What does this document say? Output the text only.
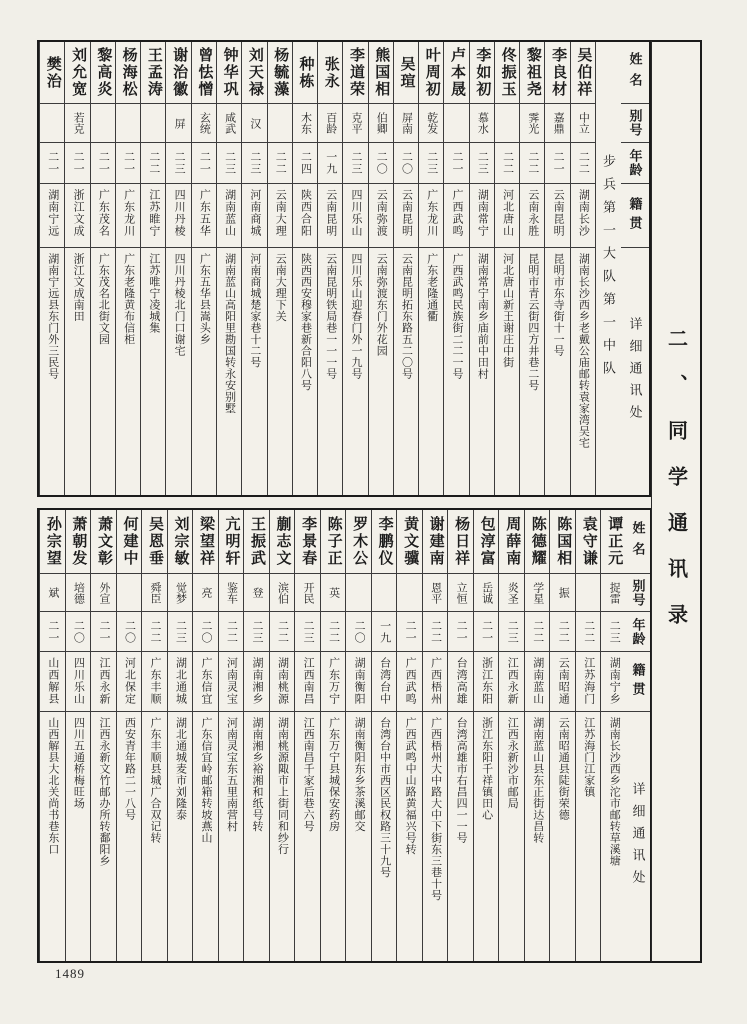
姓名
别号
年龄
籍贯
详细通讯处
步兵第一大队第一中队
吴伯祥
中立
二二
湖南长沙
湖南长沙西乡老戴公庙邮转袁家湾吴宅
李良材
嘉鼎
二一
云南昆明
昆明市东寺街十一号
黎祖尧
霁光
二二
云南永胜
昆明市青云街四方井巷二号
佟振玉
二二
河北唐山
河北唐山新王谢庄中街
李如初
慕水
二三
湖南常宁
湖南常宁南乡庙前中田村
卢本晟
二一
广西武鸣
广西武鸣民族街二二一号
叶周初
乾发
二三
广东龙川
广东老隆通衢
吴瑄
屏南
二〇
云南昆明
云南昆明拓东路五二〇号
熊国相
伯卿
二〇
云南弥渡
云南弥渡东门外花园
李道荣
克平
二三
四川乐山
四川乐山迎春门外一九号
张永
百龄
一九
云南昆明
云南昆明铁局巷一一一号
种栋
木东
二四
陕西合阳
陕西西安穆家巷新合阳八号
杨毓藻
二二
云南大理
云南大理下关
刘天禄
汉
二三
河南商城
河南商城楚家巷十二号
钟华巩
咸武
二三
湖南蓝山
湖南蓝山高阳里勘国转永安别墅
曾怯憎
玄统
二一
广东五华
广东五华县嵩头乡
谢治徽
屏
二三
四川丹棱
四川丹棱北门口谢宅
王孟涛
二二
江苏睢宁
江苏唯宁凌城集
杨海松
二一
广东龙川
广东老隆黄布信柜
黎高炎
二一
广东茂名
广东茂名北街文园
刘允宽
若克
二一
浙江文成
浙江文成南田
樊治
二一
湖南宁远
湖南宁远县东门外三民号
姓名
别号
年龄
籍贯
详细通讯处
谭正元
捉雷
二三
湖南宁乡
湖南长沙西乡沱市邮转草溪塘
袁守谦
二二
江苏海门
江苏海门江家镇
陈国相
振
二二
云南昭通
云南昭通县陡街荣德
陈德耀
学星
二二
湖南蓝山
湖南蓝山县东正街达昌转
周薛南
炎圣
二三
江西永新
江西永新沙市邮局
包淳富
岳诚
二一
浙江东阳
浙江东阳千祥镇田心
杨日祥
立恒
二一
台湾高雄
台湾高雄市右昌四一一号
谢建南
恩平
二二
广西梧州
广西梧州大中路大中下街东三巷十号
黄文骥
二一
广西武鸣
广西武鸣中山路黄福兴号转
李鹏仪
一九
台湾台中
台湾台中市西区民权路三十九号
罗木公
二〇
湖南衡阳
湖南衡阳东乡茶溪邮交
陈子正
英
二二
广东万宁
广东万宁县城保安药房
李景春
开民
二三
江西南昌
江西南昌千家后巷六号
蒯志文
滨伯
二二
湖南桃源
湖南桃源陬市上街同和纱行
王振武
登
二三
湖南湘乡
湖南湘乡裕湘和纸号转
亢明轩
鉴车
二二
河南灵宝
河南灵宝东五里南营村
梁望祥
亮
二〇
广东信宜
广东信宜岭邮箱转坡燕山
刘宗敏
觉梦
二三
湖北通城
湖北通城麦市刘隆泰
吴恩垂
舜臣
二二
广东丰顺
广东丰顺县城广合双记转
何建中
二〇
河北保定
西安青年路二一八号
萧文彰
外宣
二一
江西永新
江西永新文竹邮办所转鄱阳乡
萧朝发
培德
二〇
四川乐山
四川五通桥梅旺场
孙宗望
斌
二一
山西解县
山西解县大北关尚书巷东口
二、同学通讯录
1489
